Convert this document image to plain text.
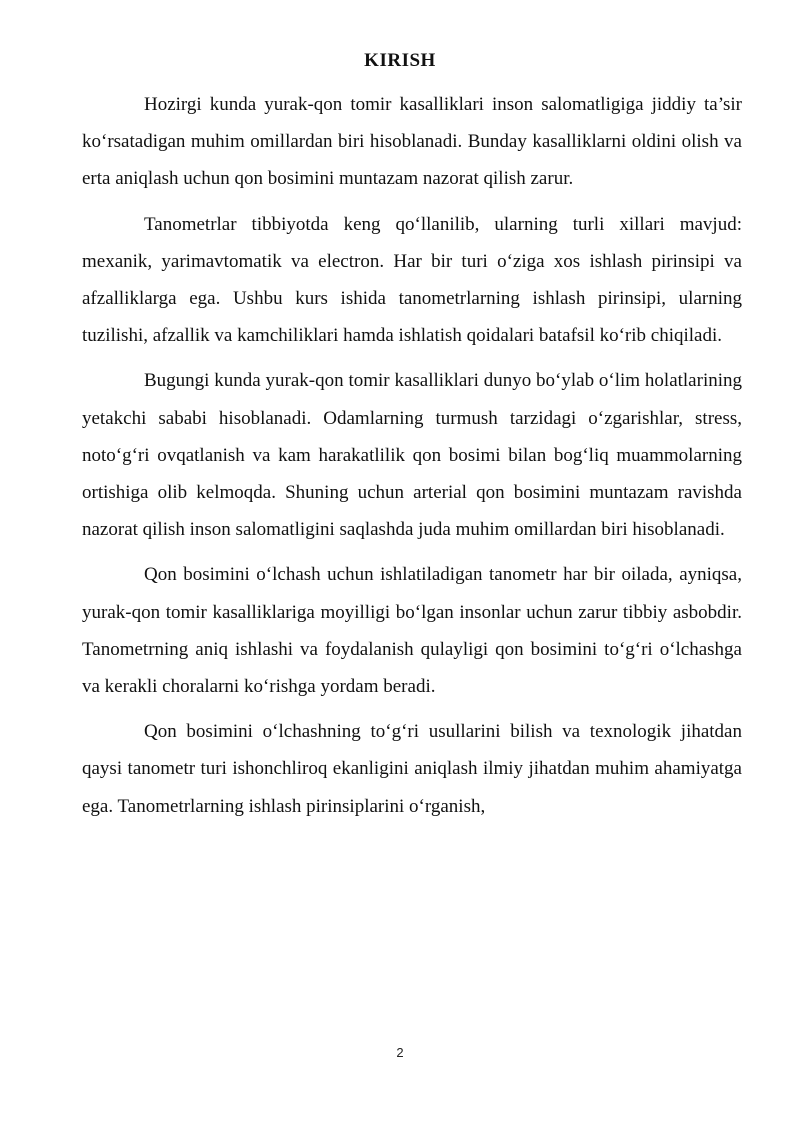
KIRISH

Hozirgi kunda yurak-qon tomir kasalliklari inson salomatligiga jiddiy ta’sir ko‘rsatadigan muhim omillardan biri hisoblanadi. Bunday kasalliklarni oldini olish va erta aniqlash uchun qon bosimini muntazam nazorat qilish zarur.

Tanometrlar tibbiyotda keng qo‘llanilib, ularning turli xillari mavjud: mexanik, yarimavtomatik va electron. Har bir turi o‘ziga xos ishlash pirinsipi va afzalliklarga ega. Ushbu kurs ishida tanometrlarning ishlash pirinsipi, ularning tuzilishi, afzallik va kamchiliklari hamda ishlatish qoidalari batafsil ko‘rib chiqiladi.

Bugungi kunda yurak-qon tomir kasalliklari dunyo bo‘ylab o‘lim holatlarining yetakchi sababi hisoblanadi. Odamlarning turmush tarzidagi o‘zgarishlar, stress, noto‘g‘ri ovqatlanish va kam harakatlilik qon bosimi bilan bog‘liq muammolarning ortishiga olib kelmoqda. Shuning uchun arterial qon bosimini muntazam ravishda nazorat qilish inson salomatligini saqlashda juda muhim omillardan biri hisoblanadi.

Qon bosimini o‘lchash uchun ishlatiladigan tanometr har bir oilada, ayniqsa, yurak-qon tomir kasalliklariga moyilligi bo‘lgan insonlar uchun zarur tibbiy asbobdir. Tanometrning aniq ishlashi va foydalanish qulayligi qon bosimini to‘g‘ri o‘lchashga va kerakli choralarni ko‘rishga yordam beradi.

Qon bosimini o‘lchashning to‘g‘ri usullarini bilish va texnologik jihatdan qaysi tanometr turi ishonchliroq ekanligini aniqlash ilmiy jihatdan muhim ahamiyatga ega. Tanometrlarning ishlash pirinsiplarini o‘rganish,

2
